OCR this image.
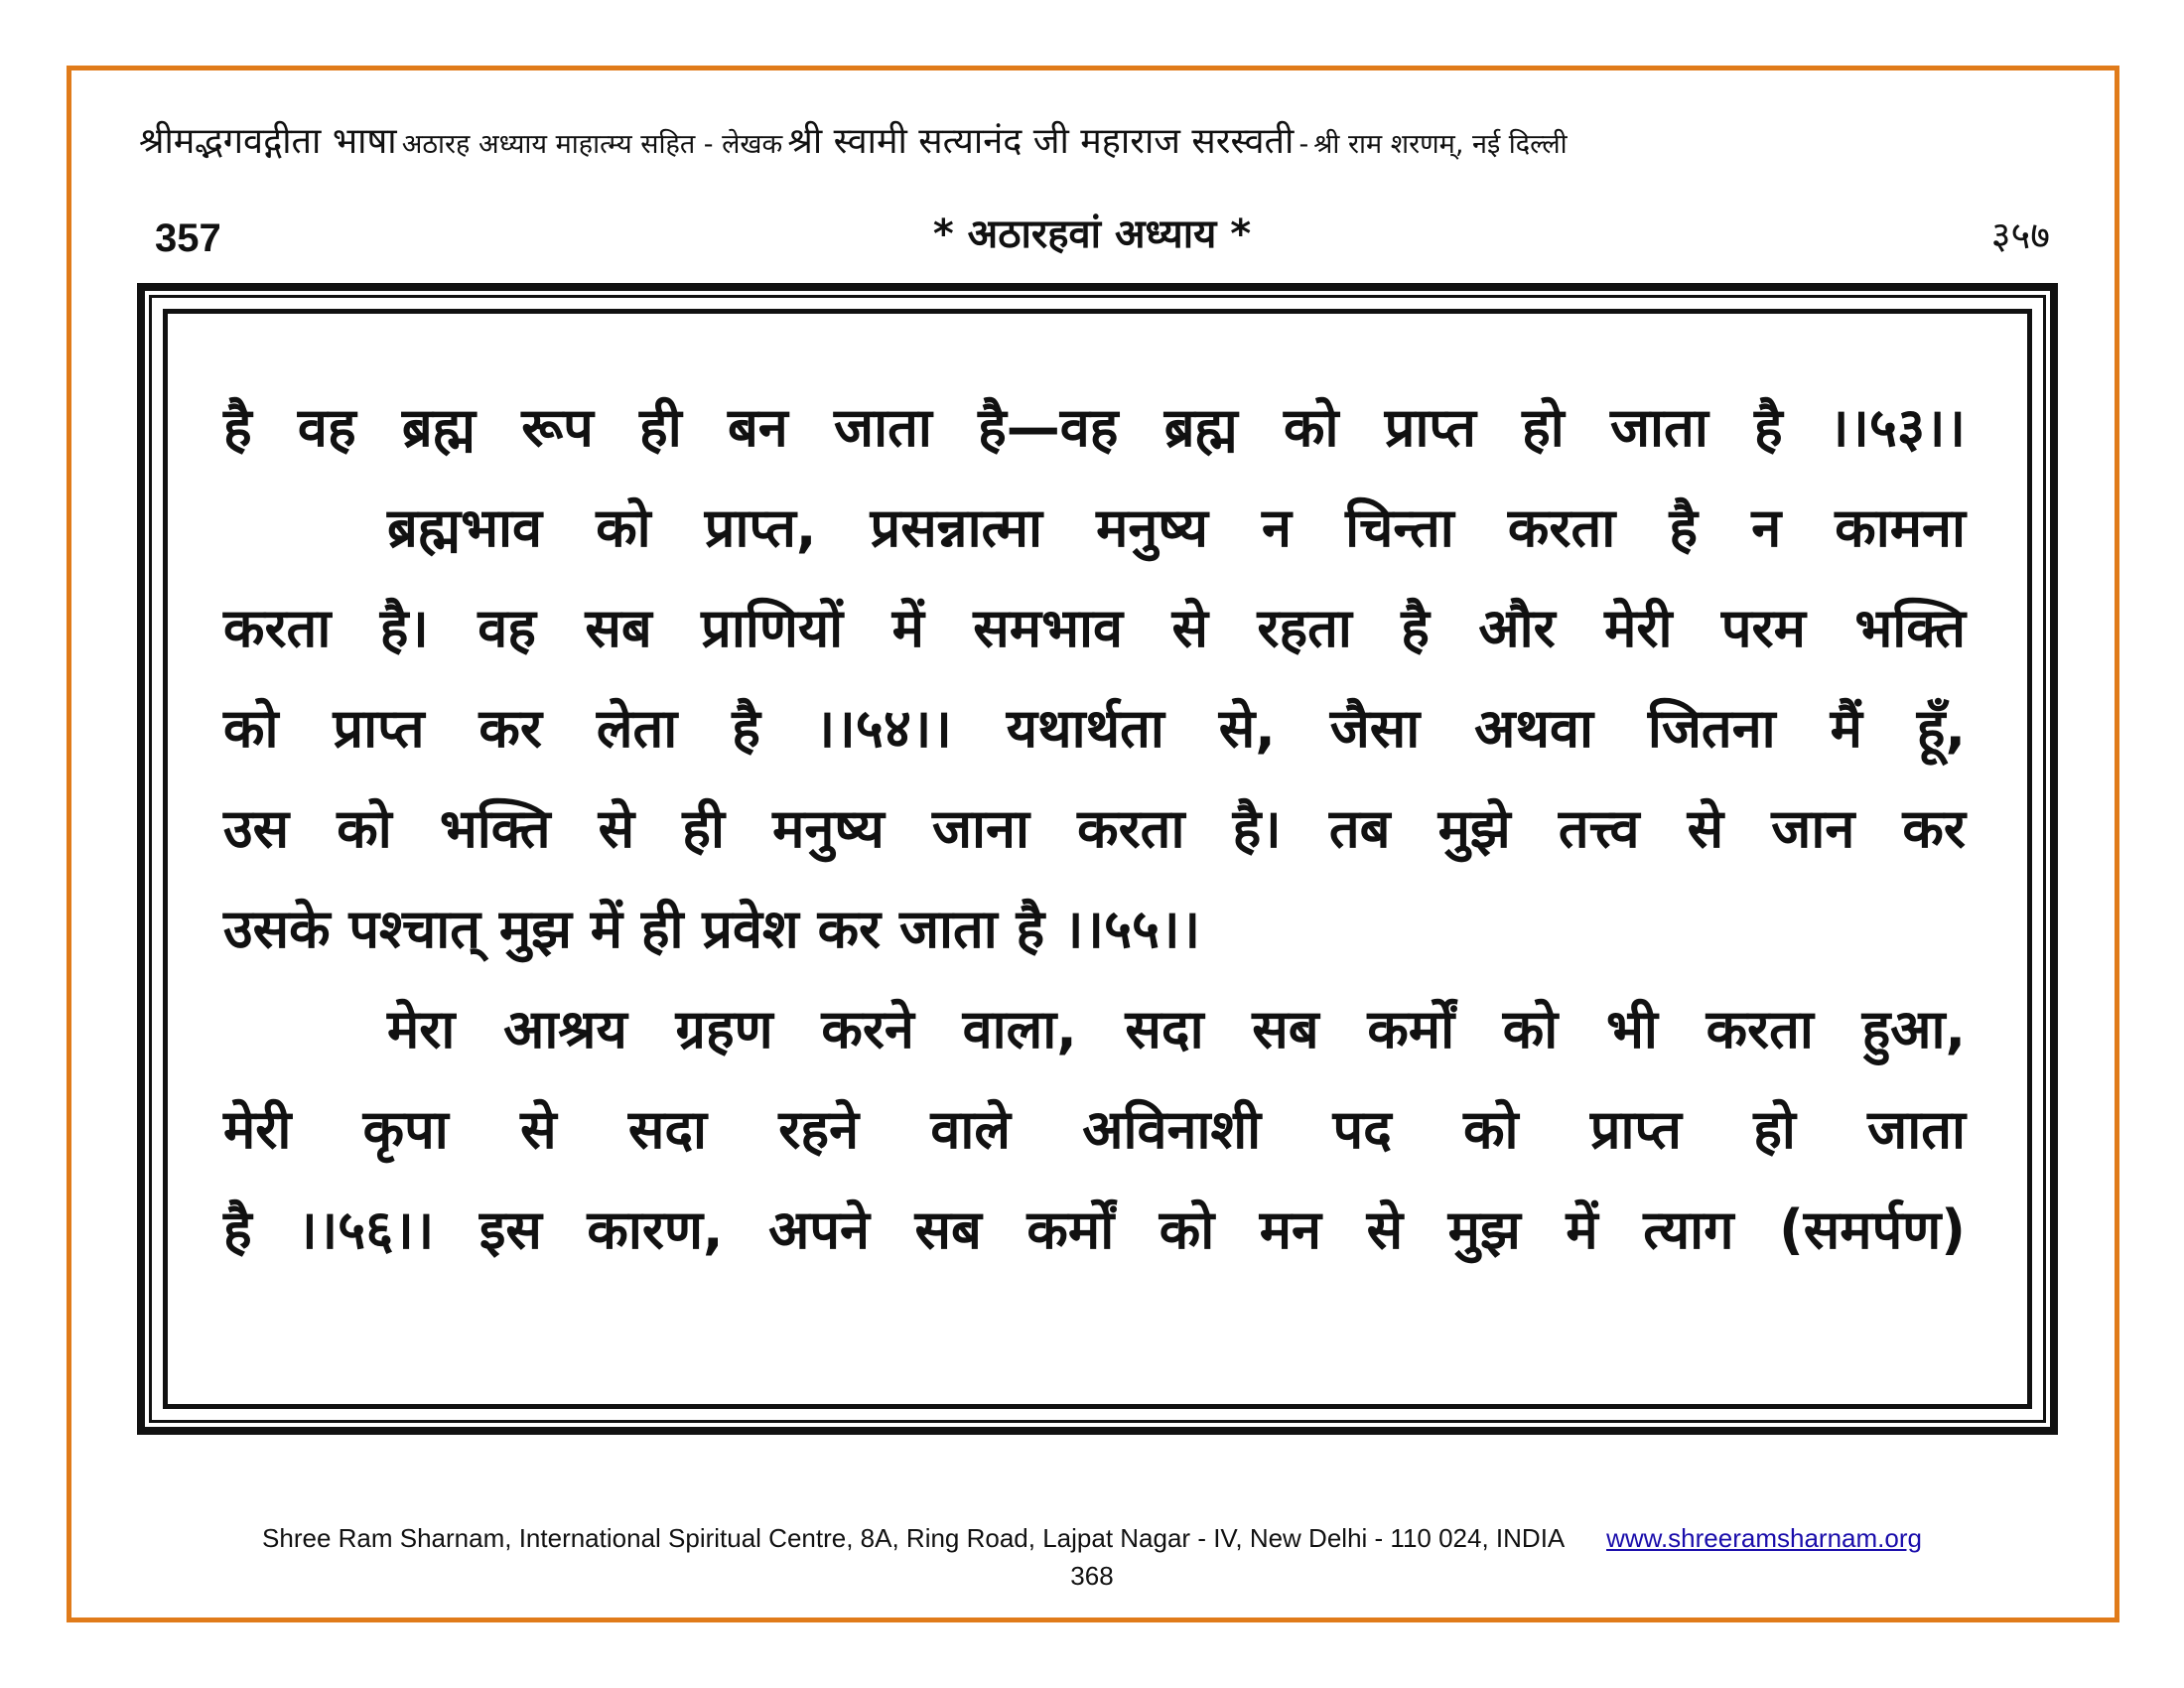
श्रीमद्भगवद्गीता भाषा अठारह अध्याय माहात्म्य सहित - लेखक श्री स्वामी सत्यानंद जी महाराज सरस्वती - श्री राम शरणम्, नई दिल्ली
357	* अठारहवां अध्याय *	३५७
है वह ब्रह्म रूप ही बन जाता है—वह ब्रह्म को प्राप्त हो जाता है ।।५३।।
ब्रह्मभाव को प्राप्त, प्रसन्नात्मा मनुष्य न चिन्ता करता है न कामना
करता है। वह सब प्राणियों में समभाव से रहता है और मेरी परम भक्ति
को प्राप्त कर लेता है ।।५४।। यथार्थता से, जैसा अथवा जितना मैं हूँ,
उस को भक्ति से ही मनुष्य जाना करता है। तब मुझे तत्त्व से जान कर
उसके पश्चात् मुझ में ही प्रवेश कर जाता है ।।५५।।
मेरा आश्रय ग्रहण करने वाला, सदा सब कर्मों को भी करता हुआ,
मेरी कृपा से सदा रहने वाले अविनाशी पद को प्राप्त हो जाता
है ।।५६।। इस कारण, अपने सब कर्मों को मन से मुझ में त्याग (समर्पण)
Shree Ram Sharnam, International Spiritual Centre, 8A, Ring Road, Lajpat Nagar - IV, New Delhi - 110 024, INDIA www.shreeramsharnam.org
368
